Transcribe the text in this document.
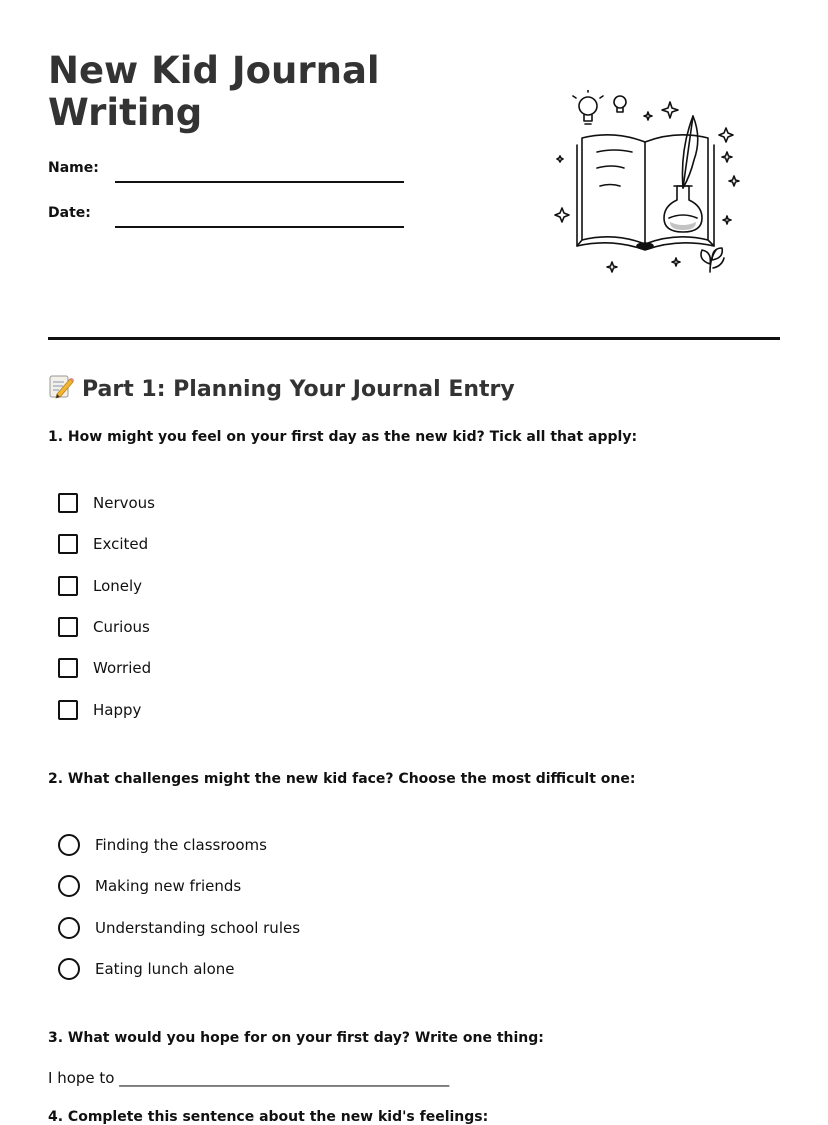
New Kid Journal
Writing
Name:
Date:
Part 1: Planning Your Journal Entry
1. How might you feel on your first day as the new kid? Tick all that apply:
Nervous
Excited
Lonely
Curious
Worried
Happy
2. What challenges might the new kid face? Choose the most difficult one:
Finding the classrooms
Making new friends
Understanding school rules
Eating lunch alone
3. What would you hope for on your first day? Write one thing:
I hope to ____________________________________________
4. Complete this sentence about the new kid's feelings:
